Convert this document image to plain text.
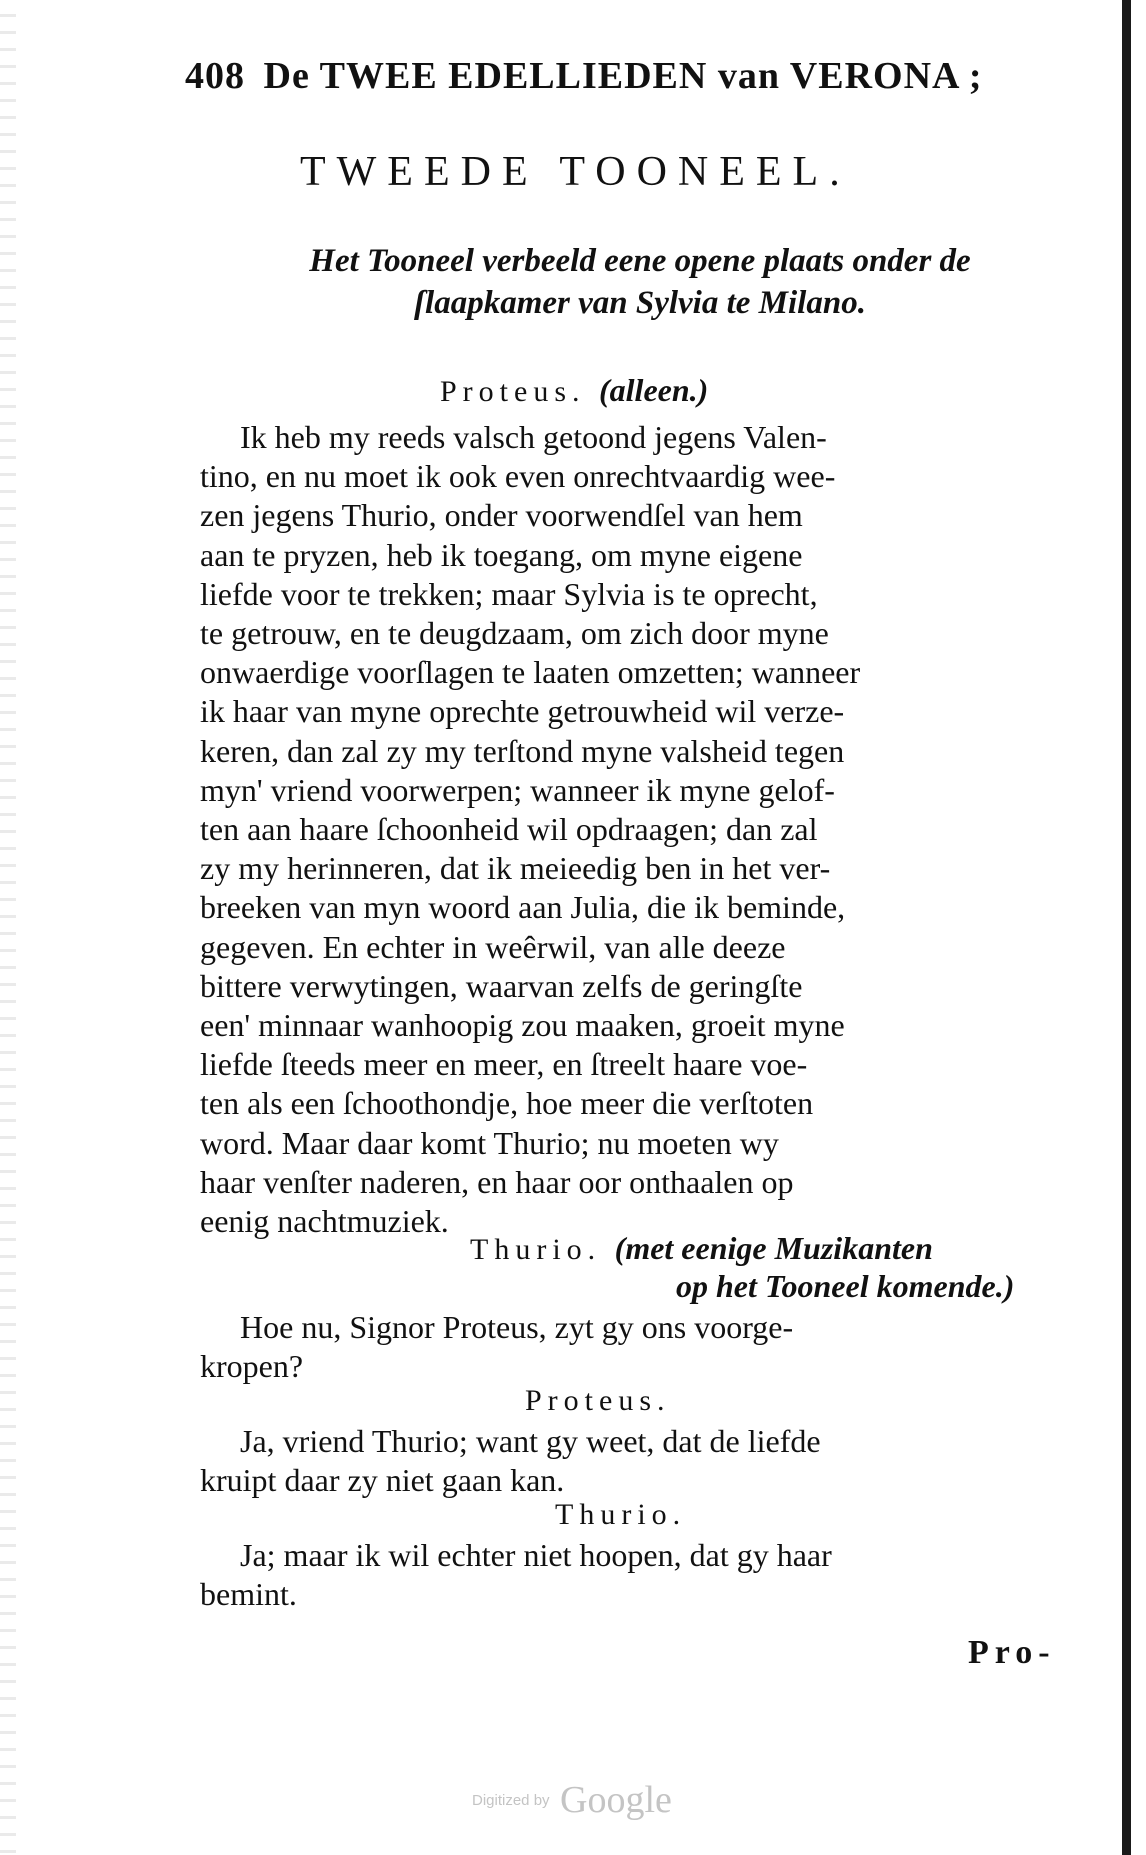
408 De TWEE EDELLIEDEN van VERONA ;
TWEEDE TOONEEL.
Het Tooneel verbeeld eene opene plaats onder de
ſlaapkamer van Sylvia te Milano.
Proteus. (alleen.)
Ik heb my reeds valsch getoond jegens Valen-
tino, en nu moet ik ook even onrechtvaardig wee-
zen jegens Thurio, onder voorwendſel van hem
aan te pryzen, heb ik toegang, om myne eigene
liefde voor te trekken; maar Sylvia is te oprecht,
te getrouw, en te deugdzaam, om zich door myne
onwaerdige voorſlagen te laaten omzetten; wanneer
ik haar van myne oprechte getrouwheid wil verze-
keren, dan zal zy my terſtond myne valsheid tegen
myn' vriend voorwerpen; wanneer ik myne gelof-
ten aan haare ſchoonheid wil opdraagen; dan zal
zy my herinneren, dat ik meieedig ben in het ver-
breeken van myn woord aan Julia, die ik beminde,
gegeven. En echter in weêrwil, van alle deeze
bittere verwytingen, waarvan zelfs de geringſte
een' minnaar wanhoopig zou maaken, groeit myne
liefde ſteeds meer en meer, en ſtreelt haare voe-
ten als een ſchoothondje, hoe meer die verſtoten
word. Maar daar komt Thurio; nu moeten wy
haar venſter naderen, en haar oor onthaalen op
eenig nachtmuziek.
Thurio. (met eenige Muzikanten
op het Tooneel komende.)
Hoe nu, Signor Proteus, zyt gy ons voorge-
kropen?
Proteus.
Ja, vriend Thurio; want gy weet, dat de liefde
kruipt daar zy niet gaan kan.
Thurio.
Ja; maar ik wil echter niet hoopen, dat gy haar
bemint.
Pro-
Digitized by Google
